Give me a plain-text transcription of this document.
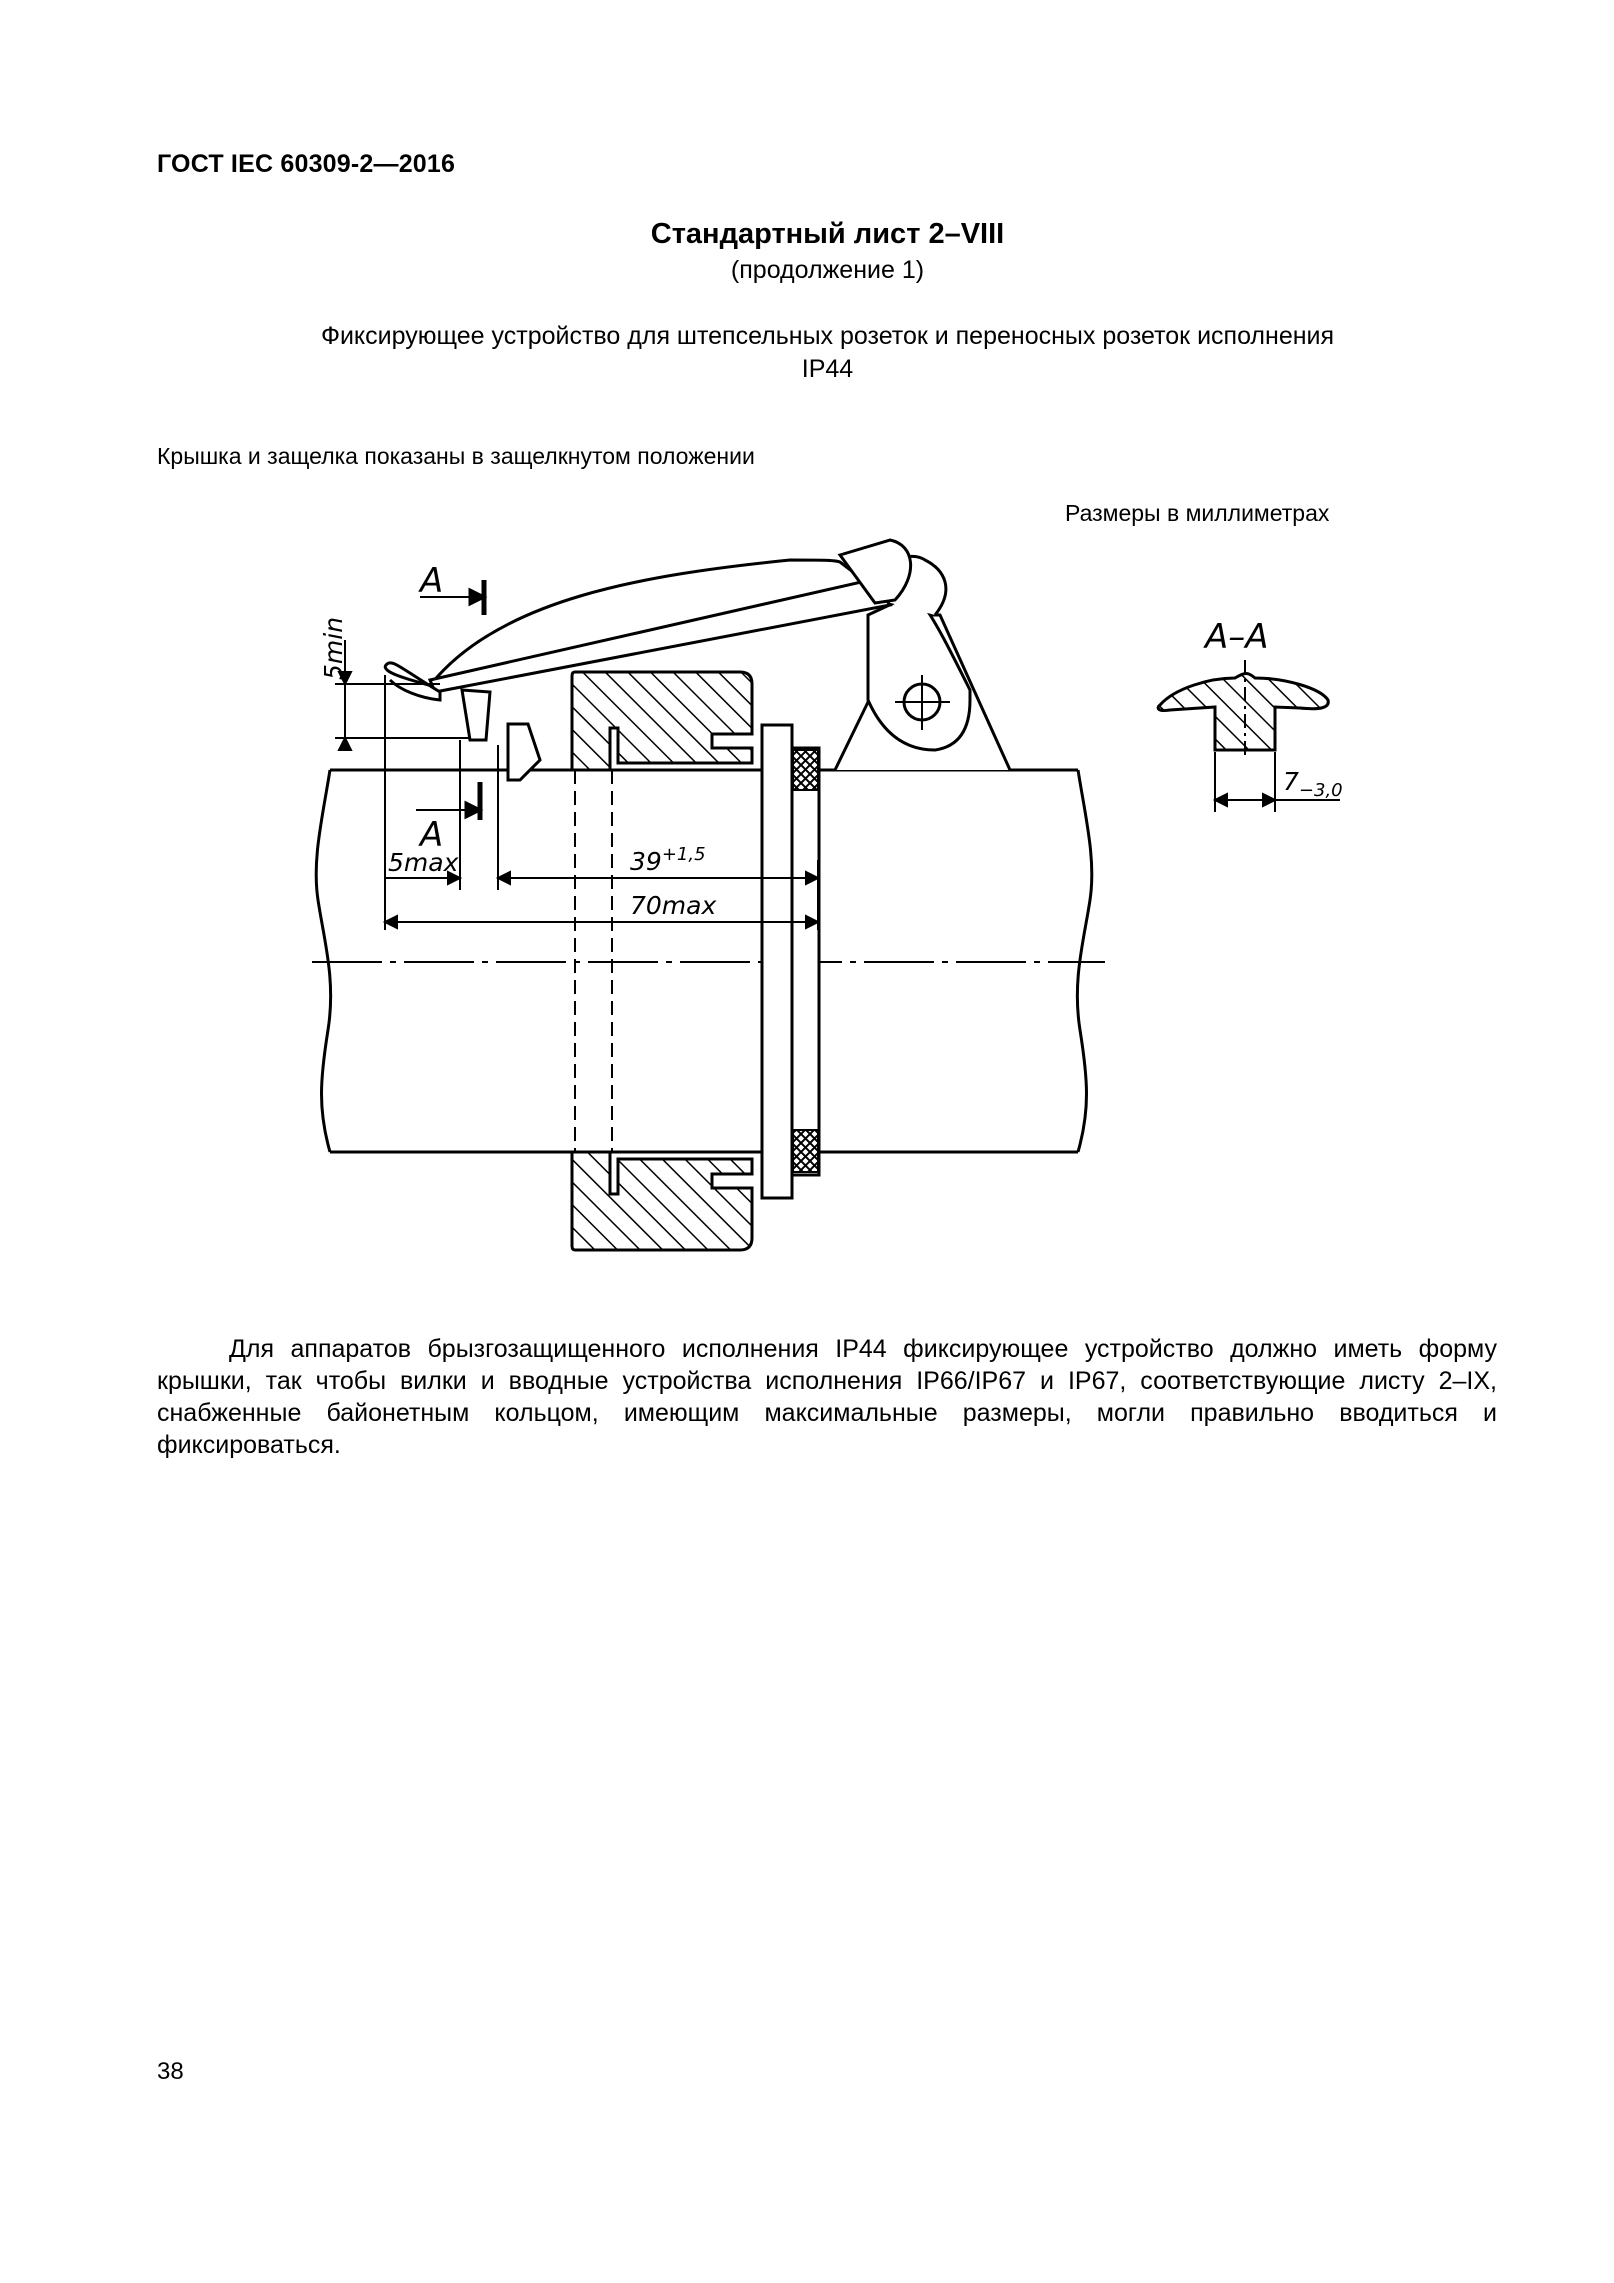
ГОСТ IEC 60309-2—2016
Стандартный лист 2–VIII
(продолжение 1)
Фиксирующее устройство для штепсельных розеток и переносных розеток исполнения IP44
Крышка и защелка показаны в защелкнутом положении
Размеры в миллиметрах
A
A
5min
5max	$39^{+1,5}$
70max
A–A
$7_{-3,0}$
Для аппаратов брызгозащищенного исполнения IP44 фиксирующее устройство должно иметь форму крышки, так чтобы вилки и вводные устройства исполнения IP66/IP67 и IP67, соответствующие листу 2–IX, снабженные байонетным кольцом, имеющим максимальные размеры, могли правильно вводиться и фиксироваться.
38
